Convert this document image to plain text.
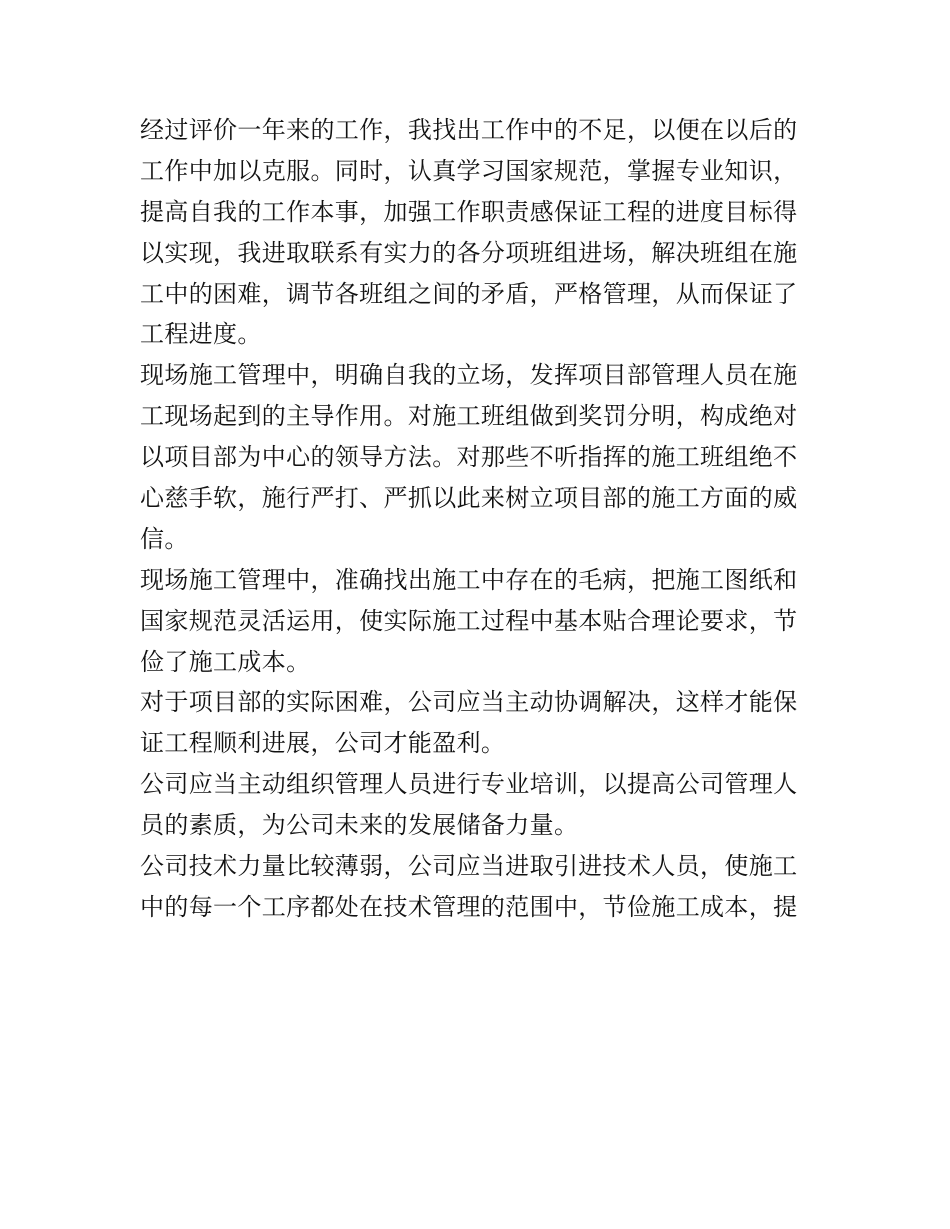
经过评价一年来的工作，我找出工作中的不足，以便在以后的
工作中加以克服。同时，认真学习国家规范，掌握专业知识，
提高自我的工作本事，加强工作职责感保证工程的进度目标得
以实现，我进取联系有实力的各分项班组进场，解决班组在施
工中的困难，调节各班组之间的矛盾，严格管理，从而保证了
工程进度。
现场施工管理中，明确自我的立场，发挥项目部管理人员在施
工现场起到的主导作用。对施工班组做到奖罚分明，构成绝对
以项目部为中心的领导方法。对那些不听指挥的施工班组绝不
心慈手软，施行严打、严抓以此来树立项目部的施工方面的威
信。
现场施工管理中，准确找出施工中存在的毛病，把施工图纸和
国家规范灵活运用，使实际施工过程中基本贴合理论要求，节
俭了施工成本。
对于项目部的实际困难，公司应当主动协调解决，这样才能保
证工程顺利进展，公司才能盈利。
公司应当主动组织管理人员进行专业培训，以提高公司管理人
员的素质，为公司未来的发展储备力量。
公司技术力量比较薄弱，公司应当进取引进技术人员，使施工
中的每一个工序都处在技术管理的范围中，节俭施工成本，提
